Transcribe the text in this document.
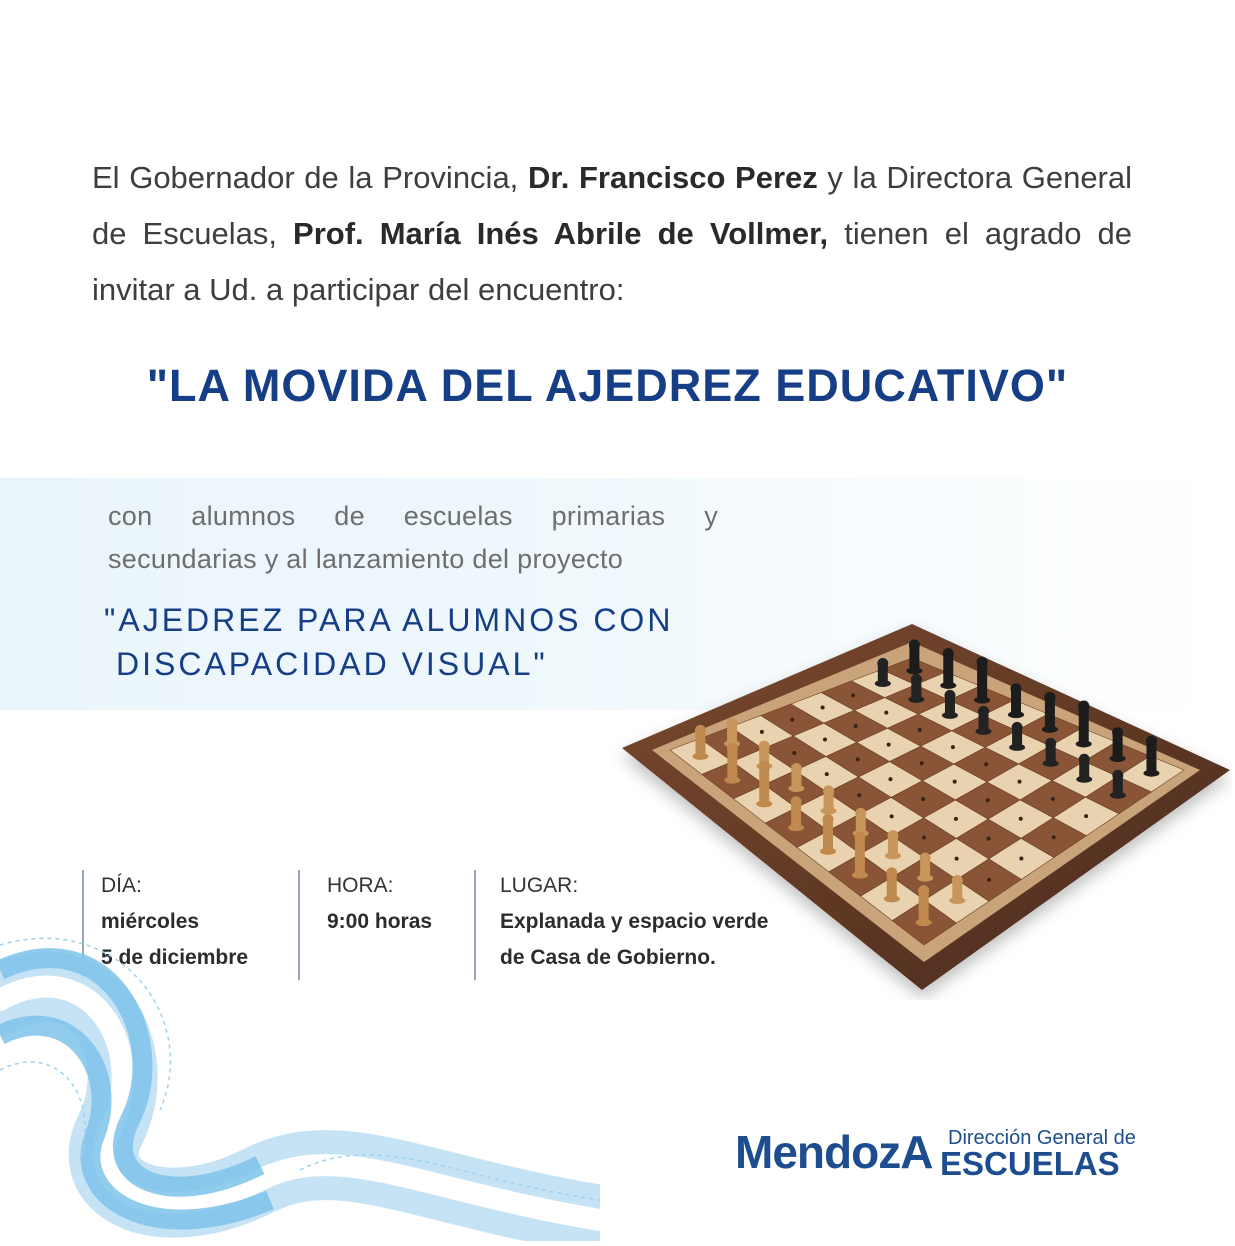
El Gobernador de la Provincia, Dr. Francisco Perez y la Directora General de Escuelas, Prof. María Inés Abrile de Vollmer, tienen el agrado de invitar a Ud. a participar del encuentro:
"LA MOVIDA DEL AJEDREZ EDUCATIVO"
con alumnos de escuelas primarias y
secundarias y al lanzamiento del proyecto
"AJEDREZ PARA ALUMNOS CON
DISCAPACIDAD VISUAL"
DÍA:
miércoles
5 de diciembre
HORA:
9:00 horas
LUGAR:
Explanada y espacio verde
de Casa de Gobierno.
MendozA Dirección General de
ESCUELAS
